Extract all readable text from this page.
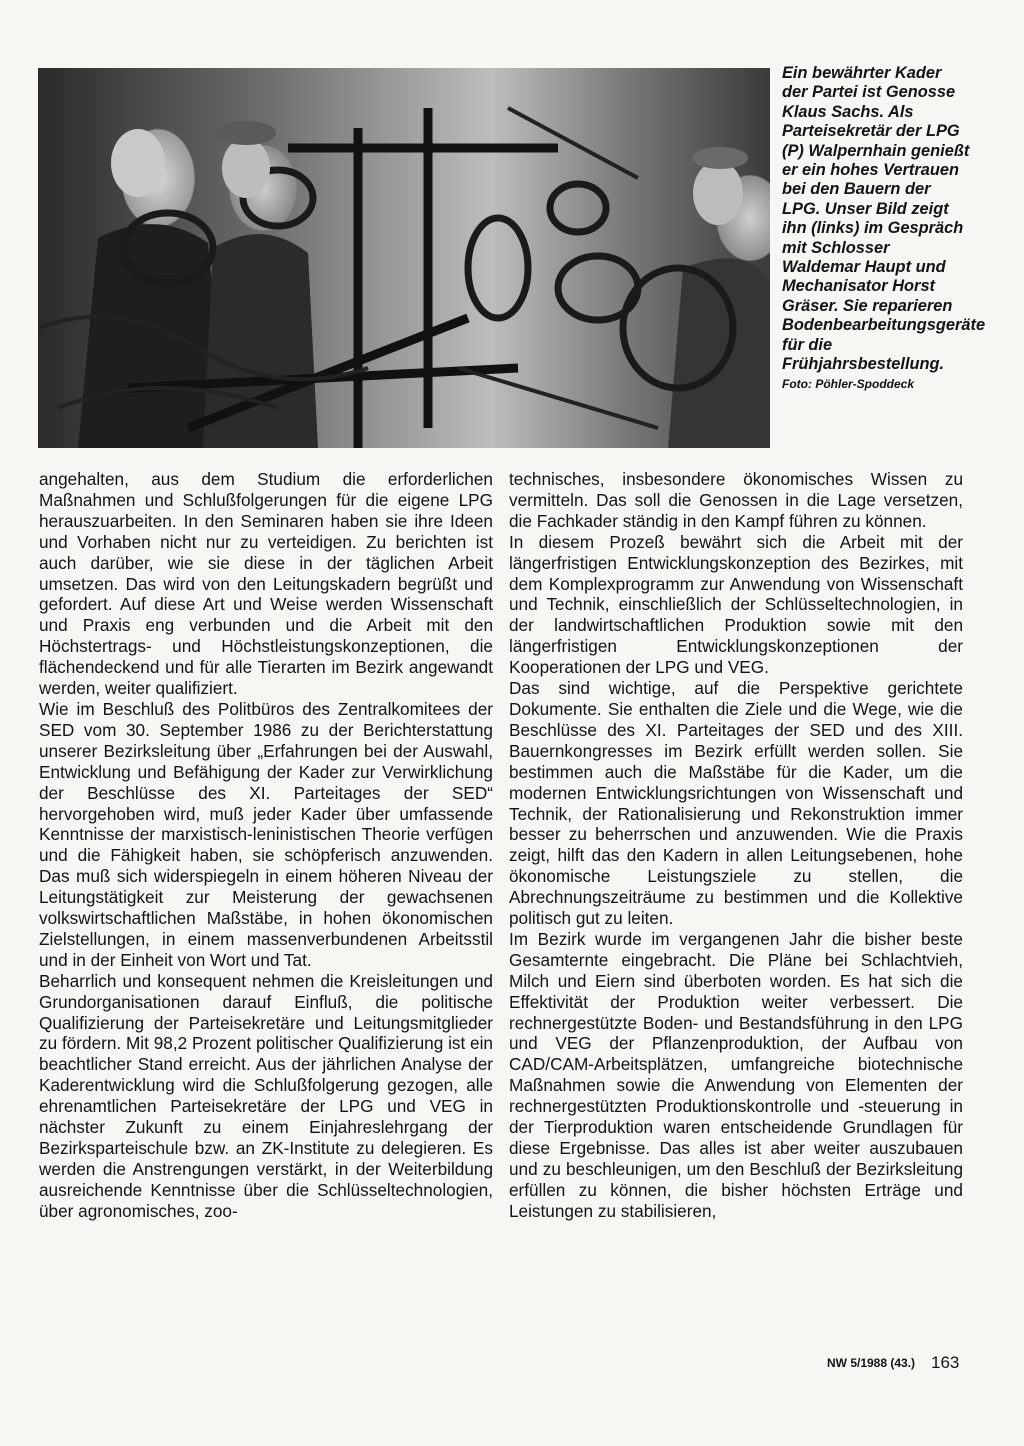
Ein bewährter Kader der Partei ist Genosse Klaus Sachs. Als Parteisekretär der LPG (P) Walpernhain genießt er ein hohes Vertrauen bei den Bauern der LPG. Unser Bild zeigt ihn (links) im Gespräch mit Schlosser Waldemar Haupt und Mechanisator Horst Gräser. Sie reparieren Bodenbearbeitungsgeräte für die Frühjahrsbestellung.
Foto: Pöhler-Spoddeck

angehalten, aus dem Studium die erforderlichen Maßnahmen und Schlußfolgerungen für die eigene LPG herauszuarbeiten. In den Seminaren haben sie ihre Ideen und Vorhaben nicht nur zu verteidigen. Zu berichten ist auch darüber, wie sie diese in der täglichen Arbeit umsetzen. Das wird von den Leitungskadern begrüßt und gefordert. Auf diese Art und Weise werden Wissenschaft und Praxis eng verbunden und die Arbeit mit den Höchstertrags- und Höchstleistungskonzeptionen, die flächendeckend und für alle Tierarten im Bezirk angewandt werden, weiter qualifiziert.

Wie im Beschluß des Politbüros des Zentralkomitees der SED vom 30. September 1986 zu der Berichterstattung unserer Bezirksleitung über „Erfahrungen bei der Auswahl, Entwicklung und Befähigung der Kader zur Verwirklichung der Beschlüsse des XI. Parteitages der SED“ hervorgehoben wird, muß jeder Kader über umfassende Kenntnisse der marxistisch-leninistischen Theorie verfügen und die Fähigkeit haben, sie schöpferisch anzuwenden. Das muß sich widerspiegeln in einem höheren Niveau der Leitungstätigkeit zur Meisterung der gewachsenen volkswirtschaftlichen Maßstäbe, in hohen ökonomischen Zielstellungen, in einem massenverbundenen Arbeitsstil und in der Einheit von Wort und Tat.

Beharrlich und konsequent nehmen die Kreisleitungen und Grundorganisationen darauf Einfluß, die politische Qualifizierung der Parteisekretäre und Leitungsmitglieder zu fördern. Mit 98,2 Prozent politischer Qualifizierung ist ein beachtlicher Stand erreicht. Aus der jährlichen Analyse der Kaderentwicklung wird die Schlußfolgerung gezogen, alle ehrenamtlichen Parteisekretäre der LPG und VEG in nächster Zukunft zu einem Einjahreslehrgang der Bezirksparteischule bzw. an ZK-Institute zu delegieren. Es werden die Anstrengungen verstärkt, in der Weiterbildung ausreichende Kenntnisse über die Schlüsseltechnologien, über agronomisches, zoo-

technisches, insbesondere ökonomisches Wissen zu vermitteln. Das soll die Genossen in die Lage versetzen, die Fachkader ständig in den Kampf führen zu können.

In diesem Prozeß bewährt sich die Arbeit mit der längerfristigen Entwicklungskonzeption des Bezirkes, mit dem Komplexprogramm zur Anwendung von Wissenschaft und Technik, einschließlich der Schlüsseltechnologien, in der landwirtschaftlichen Produktion sowie mit den längerfristigen Entwicklungskonzeptionen der Kooperationen der LPG und VEG.

Das sind wichtige, auf die Perspektive gerichtete Dokumente. Sie enthalten die Ziele und die Wege, wie die Beschlüsse des XI. Parteitages der SED und des XIII. Bauernkongresses im Bezirk erfüllt werden sollen. Sie bestimmen auch die Maßstäbe für die Kader, um die modernen Entwicklungsrichtungen von Wissenschaft und Technik, der Rationalisierung und Rekonstruktion immer besser zu beherrschen und anzuwenden. Wie die Praxis zeigt, hilft das den Kadern in allen Leitungsebenen, hohe ökonomische Leistungsziele zu stellen, die Abrechnungszeiträume zu bestimmen und die Kollektive politisch gut zu leiten.

Im Bezirk wurde im vergangenen Jahr die bisher beste Gesamternte eingebracht. Die Pläne bei Schlachtvieh, Milch und Eiern sind überboten worden. Es hat sich die Effektivität der Produktion weiter verbessert. Die rechnergestützte Boden- und Bestandsführung in den LPG und VEG der Pflanzenproduktion, der Aufbau von CAD/CAM-Arbeitsplätzen, umfangreiche biotechnische Maßnahmen sowie die Anwendung von Elementen der rechnergestützten Produktionskontrolle und -steuerung in der Tierproduktion waren entscheidende Grundlagen für diese Ergebnisse. Das alles ist aber weiter auszubauen und zu beschleunigen, um den Beschluß der Bezirksleitung erfüllen zu können, die bisher höchsten Erträge und Leistungen zu stabilisieren,

NW 5/1988 (43.) 163
